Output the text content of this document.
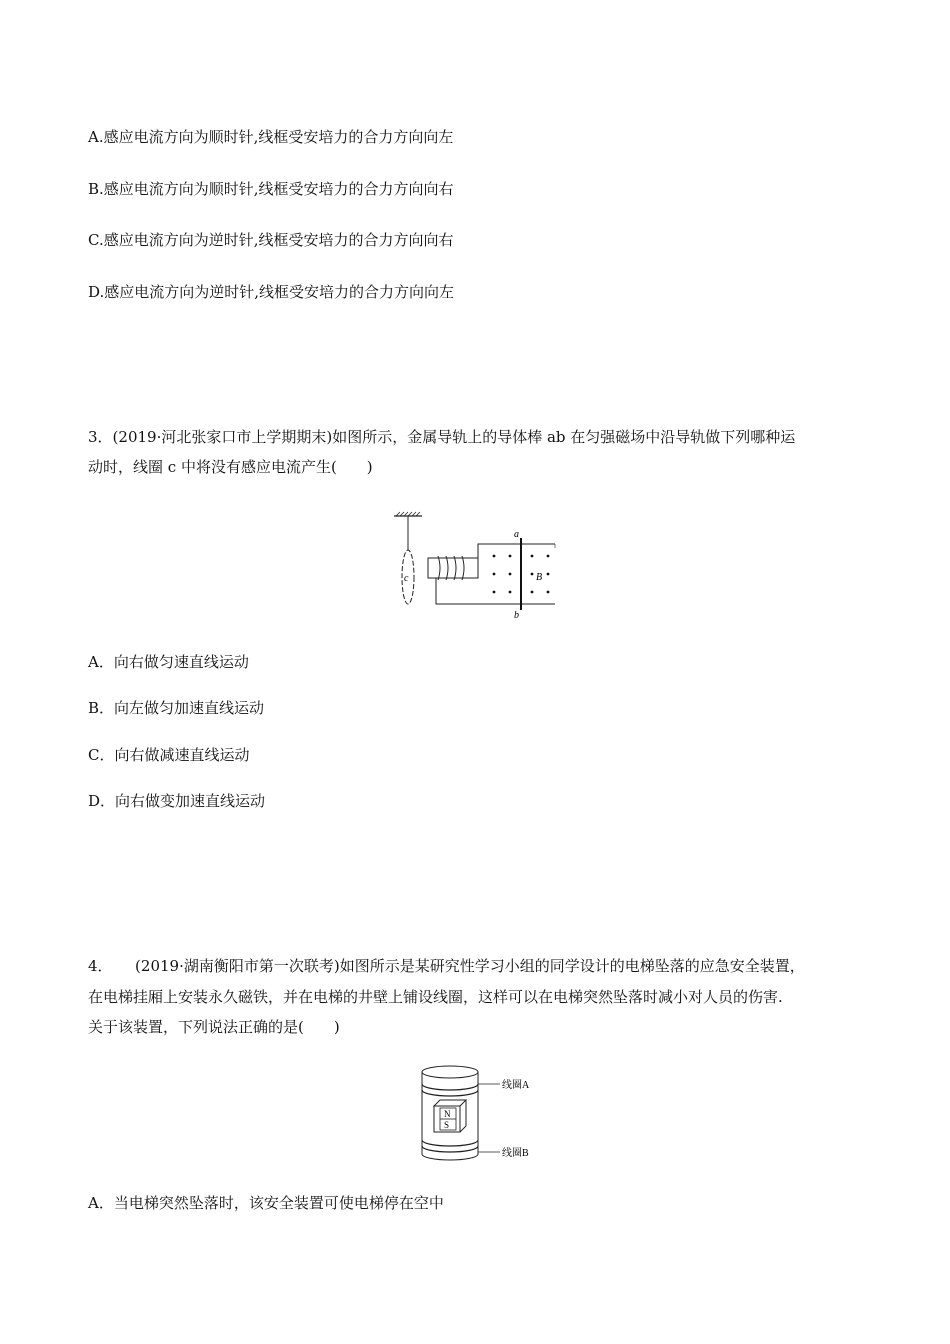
A.感应电流方向为顺时针,线框受安培力的合力方向向左
B.感应电流方向为顺时针,线框受安培力的合力方向向右
C.感应电流方向为逆时针,线框受安培力的合力方向向右
D.感应电流方向为逆时针,线框受安培力的合力方向向左
3．(2019·河北张家口市上学期期末)如图所示，金属导轨上的导体棒 ab 在匀强磁场中沿导轨做下列哪种运
动时，线圈 c 中将没有感应电流产生(　　)
c
a
b
B
A．向右做匀速直线运动
B．向左做匀加速直线运动
C．向右做减速直线运动
D．向右做变加速直线运动
4．　　(2019·湖南衡阳市第一次联考)如图所示是某研究性学习小组的同学设计的电梯坠落的应急安全装置，
在电梯挂厢上安装永久磁铁，并在电梯的井壁上铺设线圈，这样可以在电梯突然坠落时减小对人员的伤害.
关于该装置，下列说法正确的是(　　)
N
S
线圈A
线圈B
A．当电梯突然坠落时，该安全装置可使电梯停在空中
